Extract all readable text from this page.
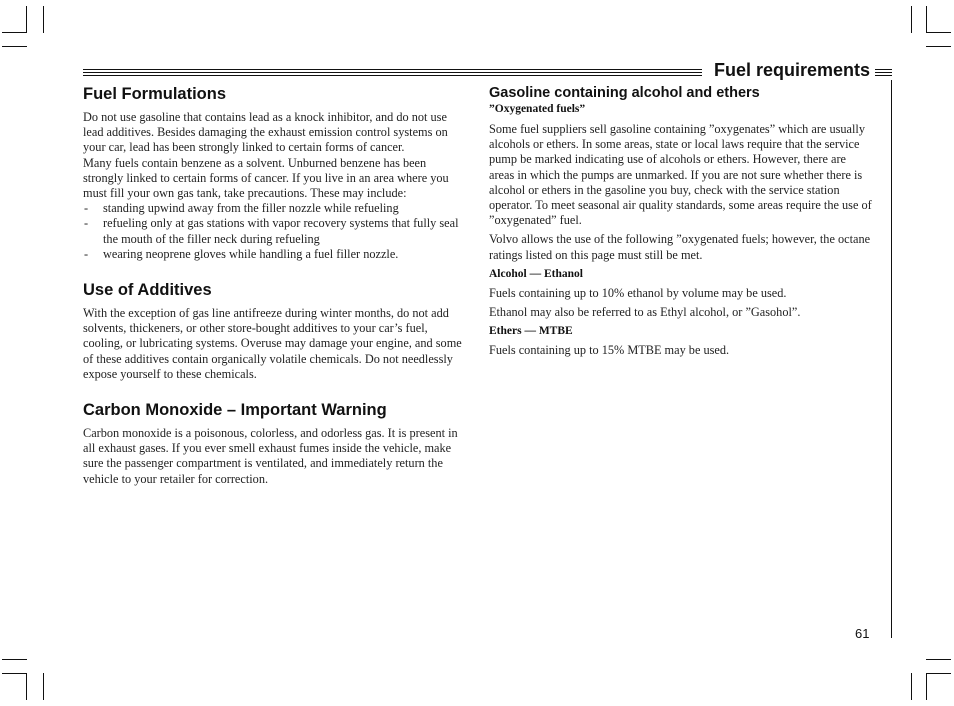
Fuel requirements
Fuel Formulations

Do not use gasoline that contains lead as a knock inhibitor, and do not use lead additives. Besides damaging the exhaust emission control systems on your car, lead has been strongly linked to certain forms of cancer.

Many fuels contain benzene as a solvent. Unburned benzene has been strongly linked to certain forms of cancer. If you live in an area where you must fill your own gas tank, take precautions. These may include:

- standing upwind away from the filler nozzle while refueling
- refueling only at gas stations with vapor recovery systems that fully seal the mouth of the filler neck during refueling
- wearing neoprene gloves while handling a fuel filler nozzle.
Use of Additives

With the exception of gas line antifreeze during winter months, do not add solvents, thickeners, or other store-bought additives to your car’s fuel, cooling, or lubricating systems. Overuse may damage your engine, and some of these additives contain organically volatile chemicals. Do not needlessly expose yourself to these chemicals.

Carbon Monoxide – Important Warning

Carbon monoxide is a poisonous, colorless, and odorless gas. It is present in all exhaust gases. If you ever smell exhaust fumes inside the vehicle, make sure the passenger compartment is ventilated, and immediately return the vehicle to your retailer for correction.

Gasoline containing alcohol and ethers

”Oxygenated fuels”

Some fuel suppliers sell gasoline containing ”oxygenates” which are usually alcohols or ethers. In some areas, state or local laws require that the service pump be marked indicating use of alcohols or ethers. However, there are areas in which the pumps are unmarked. If you are not sure whether there is alcohol or ethers in the gasoline you buy, check with the service station operator. To meet seasonal air quality standards, some areas require the use of ”oxygenated” fuel.

Volvo allows the use of the following ”oxygenated fuels; however, the octane ratings listed on this page must still be met.

Alcohol — Ethanol

Fuels containing up to 10% ethanol by volume may be used.

Ethanol may also be referred to as Ethyl alcohol, or ”Gasohol”.

Ethers — MTBE

Fuels containing up to 15% MTBE may be used.

61
